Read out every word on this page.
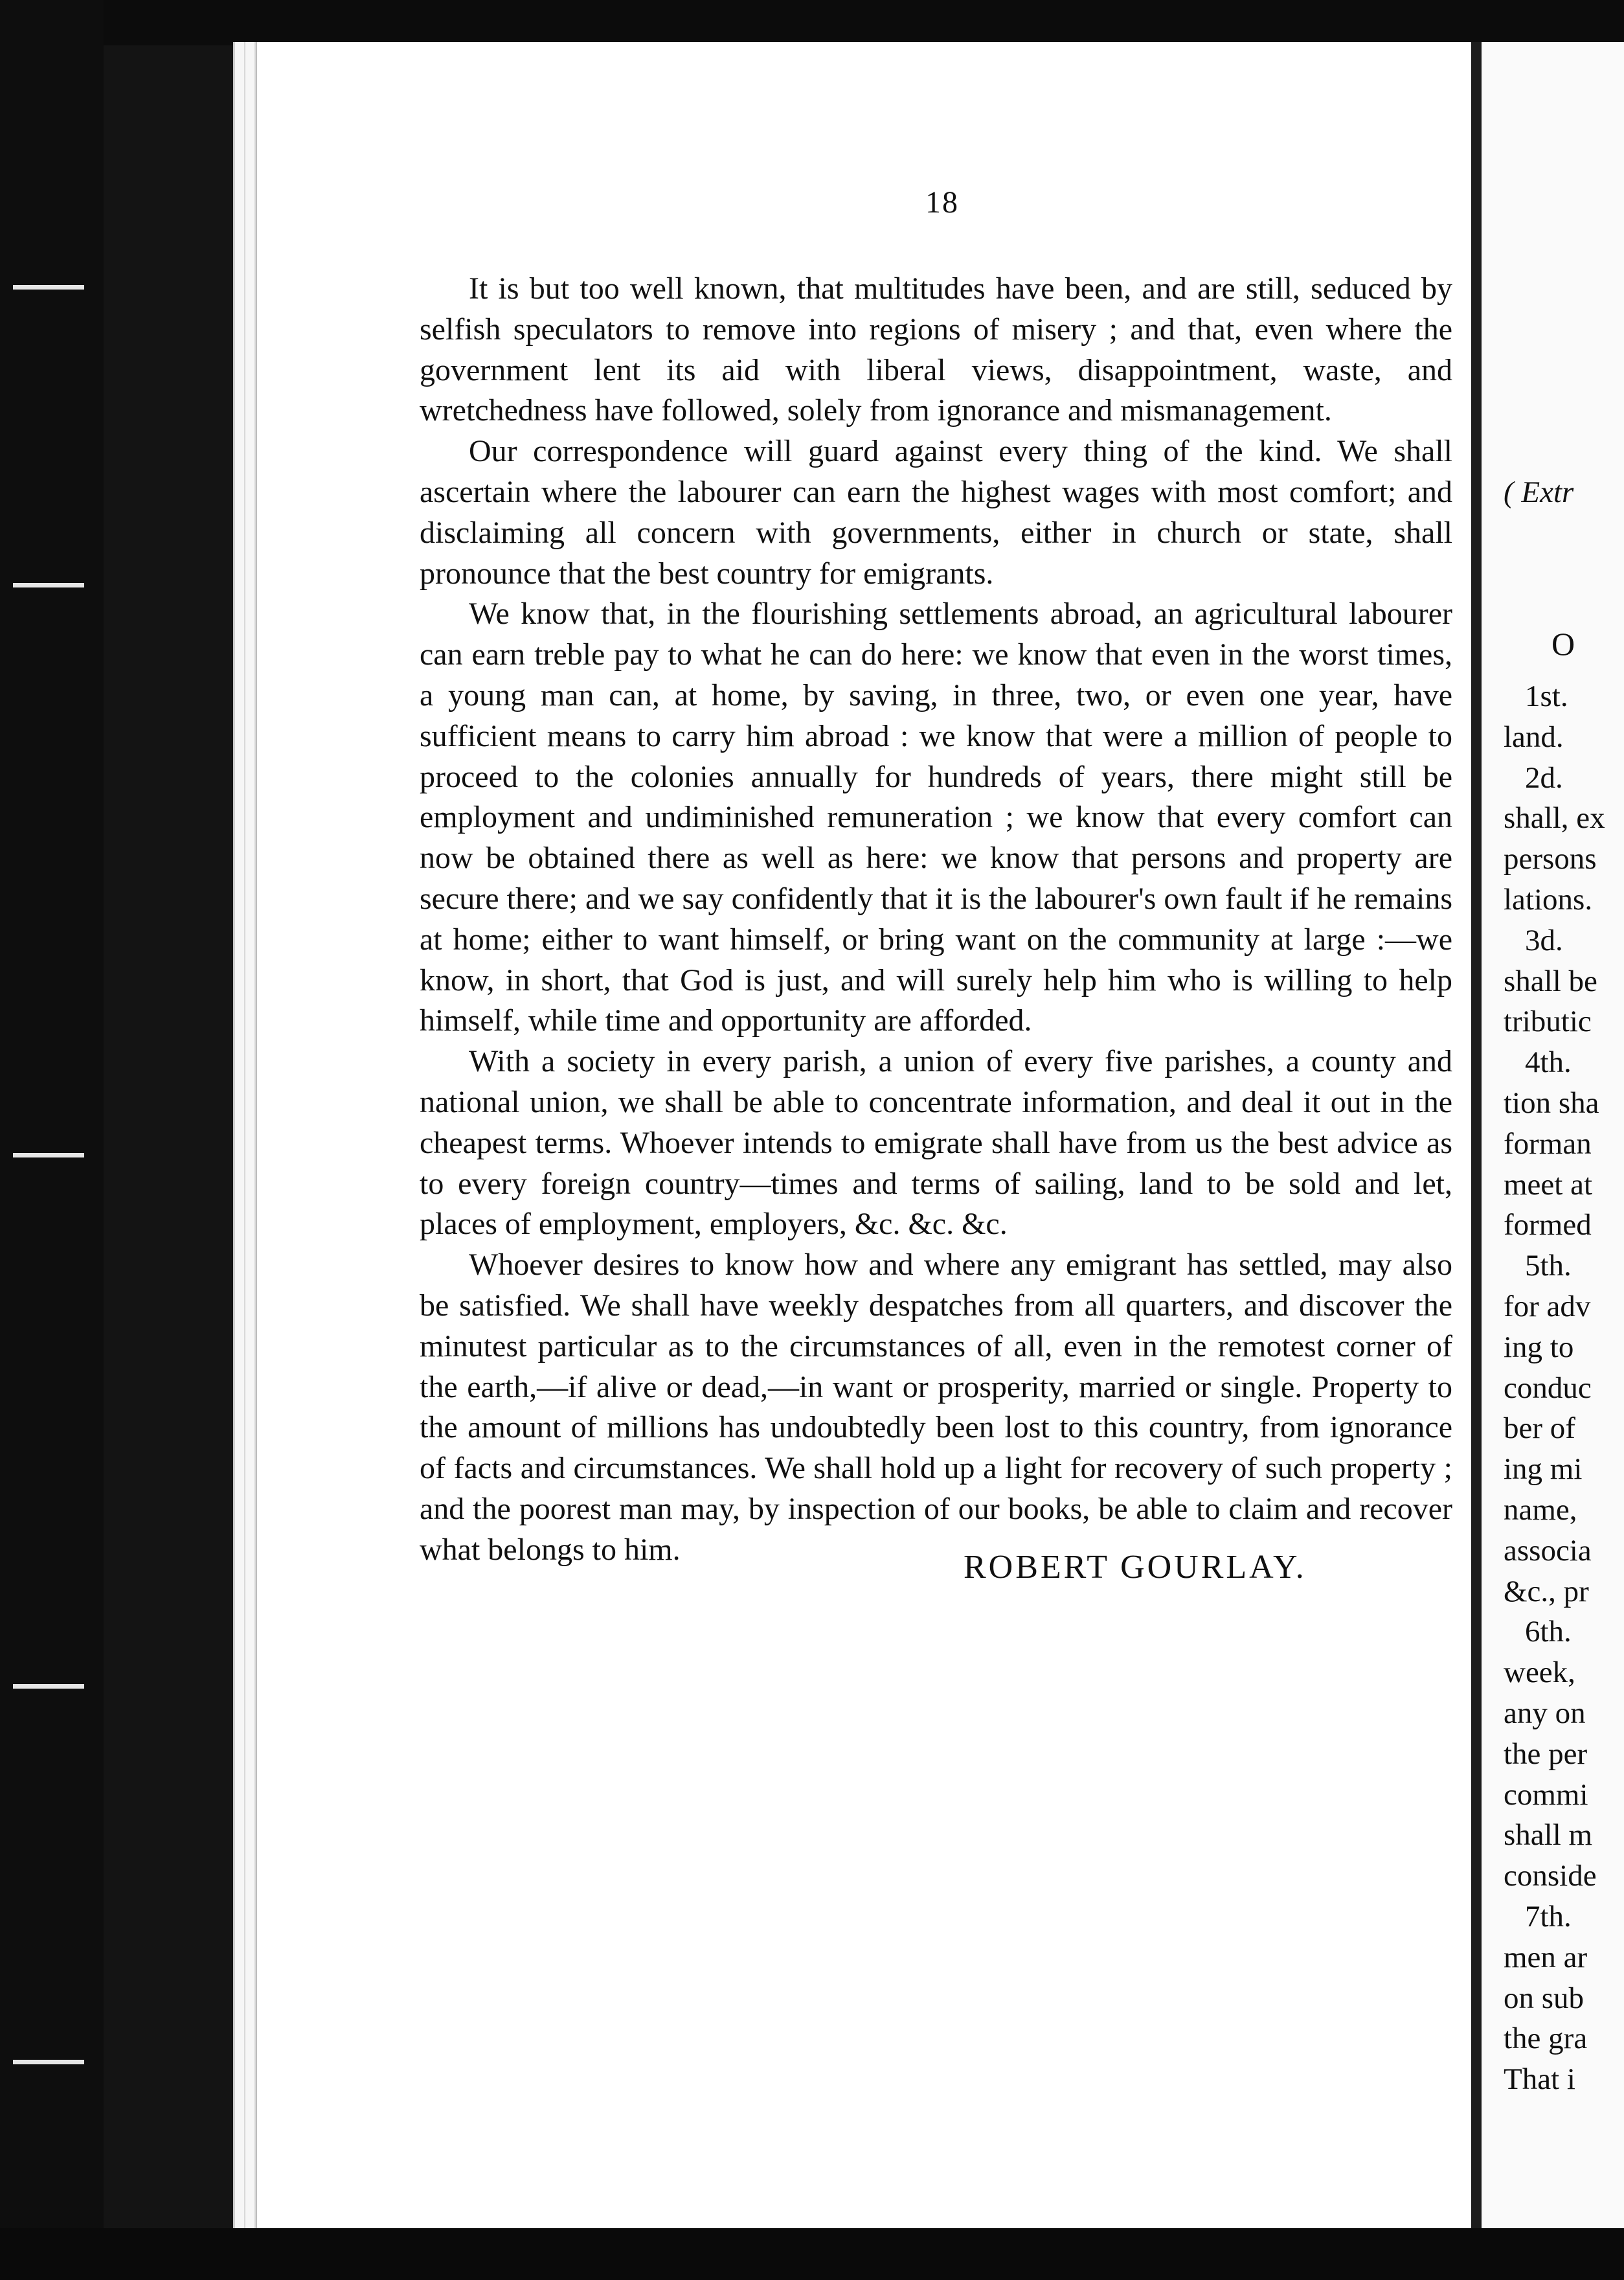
18

It is but too well known, that multitudes have been, and are still, seduced by selfish speculators to remove into regions of misery ; and that, even where the government lent its aid with liberal views, disappointment, waste, and wretchedness have followed, solely from ignorance and mismanagement.

Our correspondence will guard against every thing of the kind. We shall ascertain where the labourer can earn the highest wages with most comfort; and disclaiming all concern with governments, either in church or state, shall pronounce that the best country for emigrants.

We know that, in the flourishing settlements abroad, an agricultural labourer can earn treble pay to what he can do here: we know that even in the worst times, a young man can, at home, by saving, in three, two, or even one year, have sufficient means to carry him abroad : we know that were a million of people to proceed to the colonies annually for hundreds of years, there might still be employment and undiminished remuneration ; we know that every comfort can now be obtained there as well as here: we know that persons and property are secure there; and we say confidently that it is the labourer's own fault if he remains at home; either to want himself, or bring want on the community at large :—we know, in short, that God is just, and will surely help him who is willing to help himself, while time and opportunity are afforded.

With a society in every parish, a union of every five parishes, a county and national union, we shall be able to concentrate information, and deal it out in the cheapest terms. Whoever intends to emigrate shall have from us the best advice as to every foreign country—times and terms of sailing, land to be sold and let, places of employment, employers, &c. &c. &c.

Whoever desires to know how and where any emigrant has settled, may also be satisfied. We shall have weekly despatches from all quarters, and discover the minutest particular as to the circumstances of all, even in the remotest corner of the earth,—if alive or dead,—in want or prosperity, married or single. Property to the amount of millions has undoubtedly been lost to this country, from ignorance of facts and circumstances. We shall hold up a light for recovery of such property ; and the poorest man may, by inspection of our books, be able to claim and recover what belongs to him.	ROBERT GOURLAY.
( Extr
O
1st.
land.
2d.
shall, ex
persons
lations.
3d.
shall be
tributic
4th.
tion sha
forman
meet at
formed
5th.
for adv
ing to
conduc
ber of
ing mi
name,
associa
&c., pr
6th.
week,
any on
the per
commi
shall m
conside
7th.
men ar
on sub
the gra
That i
